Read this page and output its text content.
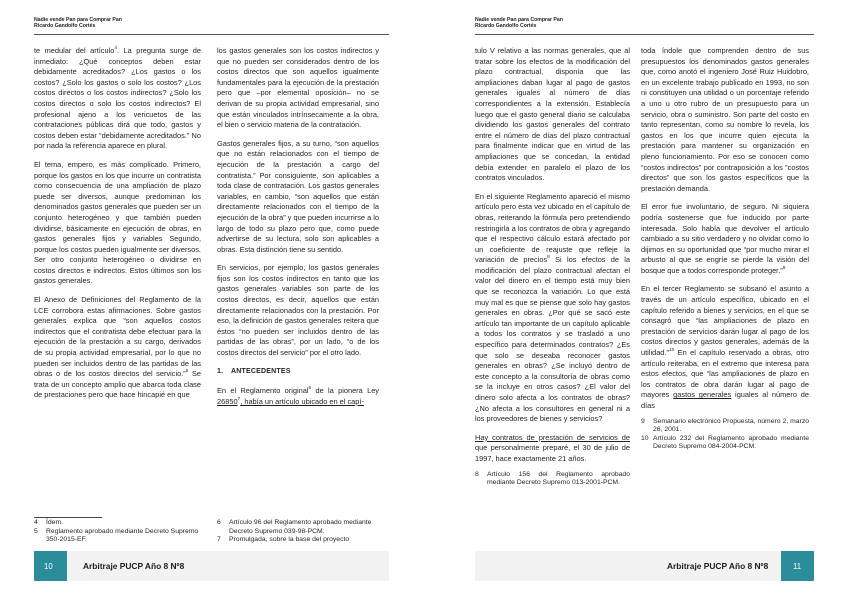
Nadie vende Pan para Comprar Pan
Ricardo Gandolfo Cortés

te medular del artículo$^4$. La pregunta surge de inmediato: ¿Qué conceptos deben estar debidamente acreditados? ¿Los gastos o los costos? ¿Solo los gastos o solo los costos? ¿Los costos directos o los costos indirectos? ¿Solo los costos directos o solo los costos indirectos? El profesional ajeno a los vericuetos de las contrataciones públicas dirá que todo, gastos y costos deben estar “debidamente acreditados.” No por nada la referencia aparece en plural.

El tema, empero, es más complicado. Primero, porque los gastos en los que incurre un contratista como consecuencia de una ampliación de plazo puede ser diversos, aunque predominan los denominados gastos generales que pueden ser un conjunto heterogéneo y que también pueden dividirse, básicamente en ejecución de obras, en gastos generales fijos y variables Segundo, porque los costos pueden igualmente ser diversos. Ser otro conjunto heterogéneo o dividirse en costos directos e indirectos. Estos últimos son los gastos generales.

El Anexo de Definiciones del Reglamento de la LCE corrobora estas afirmaciones. Sobre gastos generales explica que “son aquellos costos indirectos que el contratista debe efectuar para la ejecución de la prestación a su cargo, derivados de su propia actividad empresarial, por lo que no pueden ser incluidos dentro de las partidas de las obras o de los costos directos del servicio.”$^5$ Se trata de un concepto amplio que abarca toda clase de prestaciones pero que hace hincapié en que

los gastos generales son los costos indirectos y que no pueden ser considerados dentro de los costos directos que son aquellos igualmente fundamentales para la ejecución de la prestación pero que –por elemental oposición– no se derivan de su propia actividad empresarial, sino que están vinculados intrínsecamente a la obra, el bien o servicio materia de la contratación.

Gastos generales fijos, a su turno, “son aquellos que no están relacionados con el tiempo de ejecución de la prestación a cargo del contratista.” Por consiguiente, son aplicables a toda clase de contratación. Los gastos generales variables, en cambio, “son aquellos que están directamente relacionados con el tiempo de la ejecución de la obra” y que pueden incurrirse a lo largo de todo su plazo pero que, como puede advertirse de su lectura, solo son aplicables a obras. Esta distinción tiene su sentido.

En servicios, por ejemplo, los gastos generales fijos son los costos indirectos en tanto que los gastos generales variables son parte de los costos directos, es decir, aquellos que están directamente relacionados con la prestación. Por eso, la definición de gastos generales reitera que éstos “no pueden ser incluidos dentro de las partidas de las obras”, por un lado, “o de los costos directos del servicio” por el otro lado.

1. ANTECEDENTES

En el Reglamento original$^6$ de la pionera Ley 26850$^7$, había un artículo ubicado en el capí-

4	Ídem.
5	Reglamento aprobado mediante Decreto Supremo 350-2015-EF.
6	Artículo 96 del Reglamento aprobado mediante Decreto Supremo 039-98-PCM.
7	Promulgada, sobre la base del proyecto
10	Arbitraje PUCP Año 8 Nº8
Nadie vende Pan para Comprar Pan
Ricardo Gandolfo Cortés

tulo V relativo a las normas generales, que al tratar sobre los efectos de la modificación del plazo contractual, disponía que las ampliaciones daban lugar al pago de gastos generales iguales al número de días correspondientes a la extensión. Establecía luego que el gasto general diario se calculaba dividiendo los gastos generales del contrato entre el número de días del plazo contractual para finalmente indicar que en virtud de las ampliaciones que se concedan, la entidad debía extender en paralelo el plazo de los contratos vinculados.

En el siguiente Reglamento apareció el mismo artículo pero esta vez ubicado en el capítulo de obras, reiterando la fórmula pero pretendiendo restringirla a los contratos de obra y agregando que el respectivo cálculo estará afectado por un coeficiente de reajuste que refleje la variación de precios$^8$ Si los efectos de la modificación del plazo contractual afectan el valor del dinero en el tiempo está muy bien que se reconozca la variación. Lo que está muy mal es que se piense que solo hay gastos generales en obras. ¿Por qué se sacó este artículo tan importante de un capítulo aplicable a todos los contratos y se trasladó a uno específico para determinados contratos? ¿Es que solo se deseaba reconocer gastos generales en obras? ¿Se incluyó dentro de este concepto a la consultoría de obras como se la incluye en otros casos? ¿El valor del dinero solo afecta a los contratos de obras? ¿No afecta a los consultores en general ni a los proveedores de bienes y servicios?

Hay contratos de prestación de servicios de que personalmente preparé, el 30 de julio de 1997, hace exactamente 21 años.

8	Artículo 156 del Reglamento aprobado mediante Decreto Supremo 013-2001-PCM.

toda índole que comprenden dentro de sus presupuestos los denominados gastos generales que, como anotó el ingeniero José Ruiz Huidobro, en un excelente trabajo publicado en 1993, no son ni constituyen una utilidad o un porcentaje referido a uno u otro rubro de un presupuesto para un servicio, obra o suministro. Son parte del costo en tanto representan, como su nombre lo revela, los gastos en los que incurre quien ejecuta la prestación para mantener su organización en pleno funcionamiento. Por eso se conocen como “costos indirectos” por contraposición a los “costos directos” que son los gastos específicos que la prestación demanda.

El error fue involuntario, de seguro. Ni siquiera podría sostenerse que fue inducido por parte interesada. Solo había que devolver el artículo cambiado a su sitio verdadero y no olvidar como lo dijimos en su oportunidad que “por mucho mirar el arbusto al que se engríe se pierde la visión del bosque que a todos corresponde proteger.”$^9$

En el tercer Reglamento se subsanó el asunto a través de un artículo específico, ubicado en el capítulo referido a bienes y servicios, en el que se consagró que “las ampliaciones de plazo en prestación de servicios darán lugar al pago de los costos directos y gastos generales, además de la utilidad.”$^{10}$ En el capítulo reservado a obras, otro artículo reiteraba, en el extremo que interesa para estos efectos, que “las ampliaciones de plazo en los contratos de obra darán lugar al pago de mayores gastos generales iguales al número de días

9	Semanario electrónico Propuesta, número 2, marzo 26, 2001.
10 Artículo 232 del Reglamento aprobado mediante Decreto Supremo 084-2004-PCM.
11
Arbitraje PUCP Año 8 Nº8
